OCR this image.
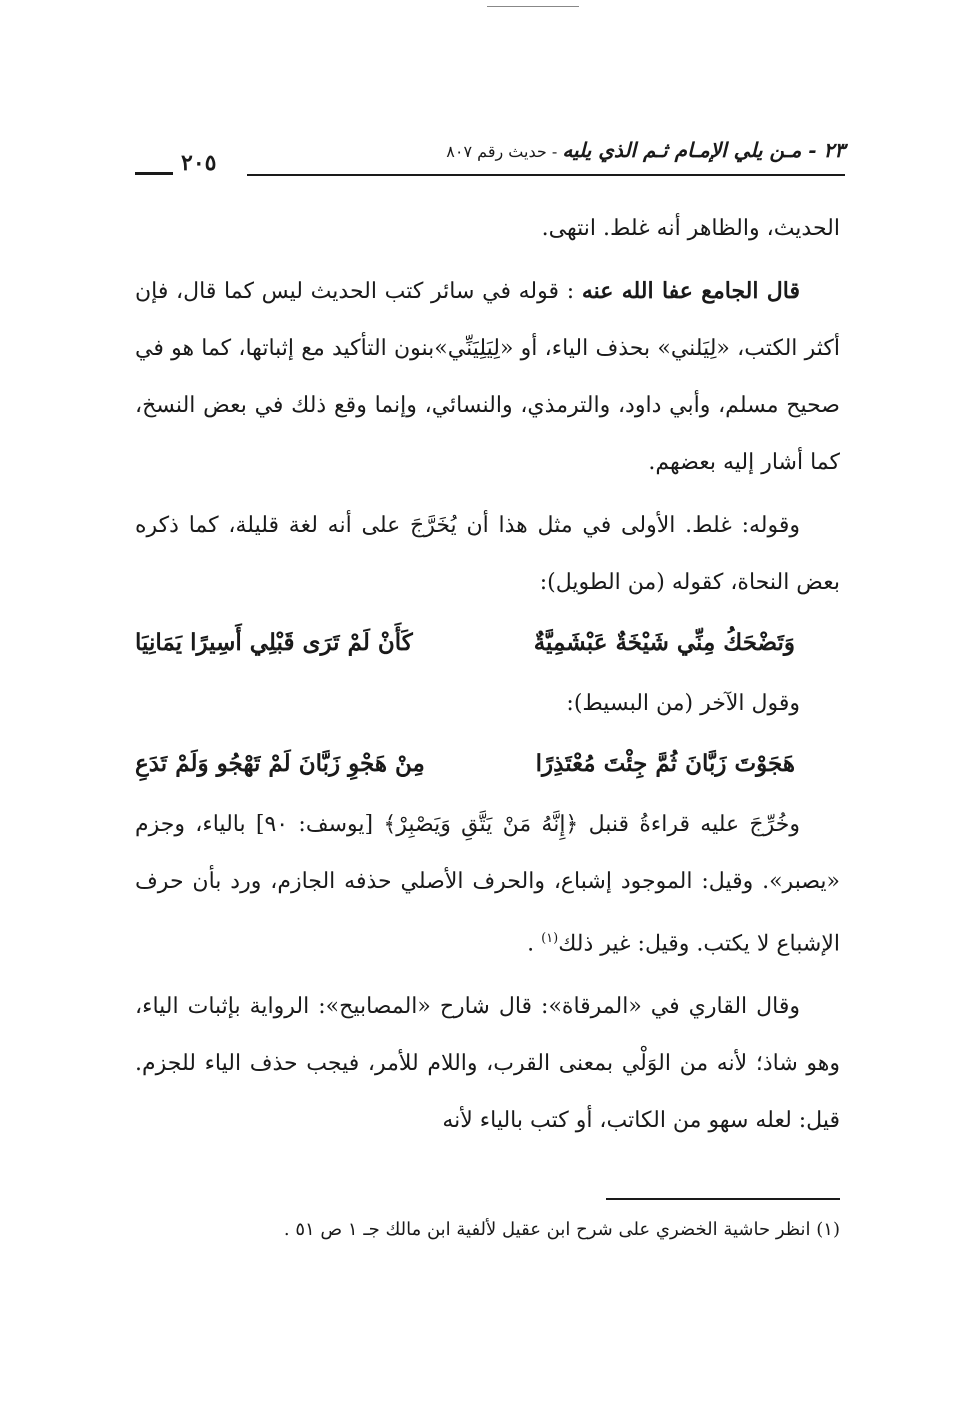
٢٣ - مـن يلي الإمـام ثـم الذي يليه - حديث رقم ٨٠٧
٢٠٥

الحديث، والظاهر أنه غلط. انتهى.

قال الجامع عفا الله عنه : قوله في سائر كتب الحديث ليس كما قال، فإن أكثر الكتب، «لِيَلني» بحذف الياء، أو «لِيَلِيَنِّي»بنون التأكيد مع إثباتها، كما هو في صحيح مسلم، وأبي داود، والترمذي، والنسائي، وإنما وقع ذلك في بعض النسخ، كما أشار إليه بعضهم.

وقوله: غلط. الأولى في مثل هذا أن يُخَرَّجَ على أنه لغة قليلة، كما ذكره بعض النحاة، كقوله (من الطويل):

وَتَضْحَكُ مِنِّي شَيْخَةٌ عَبْشَمِيَّةٌ
كَأَنْ لَمْ تَرَى قَبْلِي أَسِيرًا يَمَانِيَا

وقول الآخر (من البسيط):

هَجَوْتَ زَبَّانَ ثُمَّ جِئْتَ مُعْتَذِرًا
مِنْ هَجْوِ زَبَّانَ لَمْ تَهْجُو وَلَمْ تَدَعِ

وخُرِّجَ عليه قراءةُ قنبل ﴿إِنَّهُ مَنْ يَتَّقِ وَيَصْبِرْ﴾ [يوسف: ٩٠] بالياء، وجزم «يصبر». وقيل: الموجود إشباع، والحرف الأصلي حذفه الجازم، ورد بأن حرف الإشباع لا يكتب. وقيل: غير ذلك$^{(١)}$ .

وقال القاري في «المرقاة»: قال شارح «المصابيح»: الرواية بإثبات الياء، وهو شاذ؛ لأنه من الوَلْي بمعنى القرب، واللام للأمر، فيجب حذف الياء للجزم. قيل: لعله سهو من الكاتب، أو كتب بالياء لأنه

(١) انظر حاشية الخضري على شرح ابن عقيل لألفية ابن مالك جـ ١ ص ٥١ .
